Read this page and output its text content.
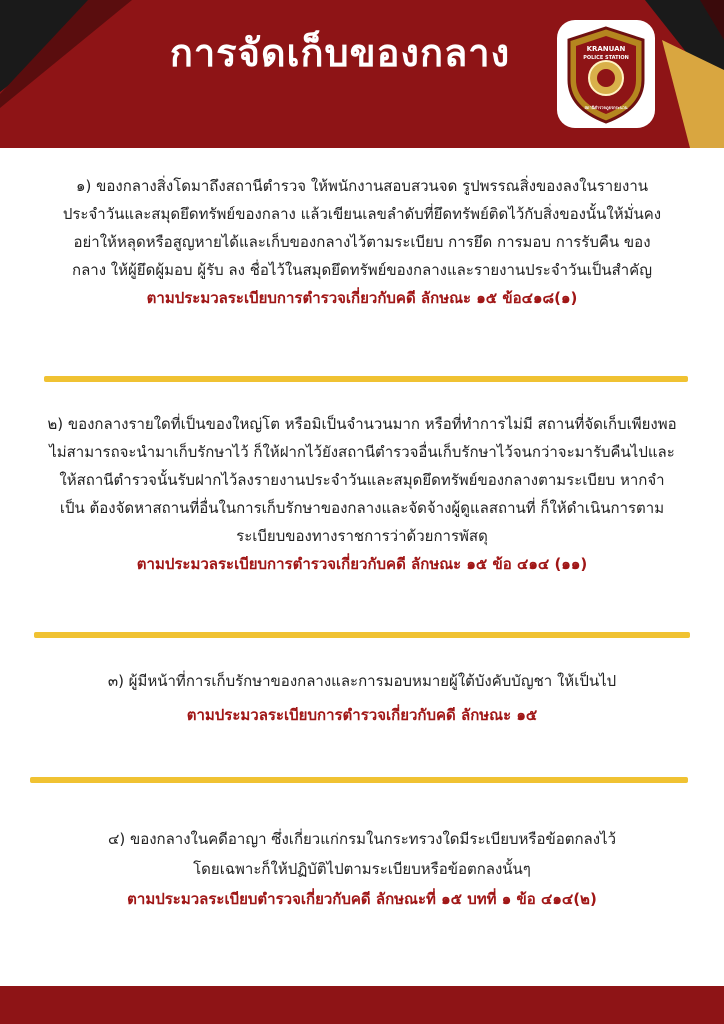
การจัดเก็บของกลาง	KRANUAN
POLICE STATION
สถานีตำรวจภูธรกระนวน

๑) ของกลางสิ่งโดมาถึงสถานีตำรวจ ให้พนักงานสอบสวนจด รูปพรรณสิ่งของลงในรายงาน

ประจำวันและสมุดยึดทรัพย์ของกลาง แล้วเขียนเลขลำดับที่ยึดทรัพย์ติดไว้กับสิ่งของนั้นให้มั่นคง

อย่าให้หลุดหรือสูญหายได้และเก็บของกลางไว้ตามระเบียบ การยึด การมอบ การรับคืน ของ

กลาง ให้ผู้ยึดผู้มอบ ผู้รับ ลง ชื่อไว้ในสมุดยึดทรัพย์ของกลางและรายงานประจำวันเป็นสำคัญ

ตามประมวลระเบียบการตำรวจเกี่ยวกับคดี ลักษณะ ๑๕ ข้อ๔๑๘(๑)

๒) ของกลางรายใดที่เป็นของใหญ่โต หรือมิเป็นจำนวนมาก หรือที่ทำการไม่มี สถานที่จัดเก็บเพียงพอ

ไม่สามารถจะนำมาเก็บรักษาไว้ ก็ให้ฝากไว้ยังสถานีตำรวจอื่นเก็บรักษาไว้จนกว่าจะมารับคืนไปและ

ให้สถานีตำรวจนั้นรับฝากไว้ลงรายงานประจำวันและสมุดยึดทรัพย์ของกลางตามระเบียบ หากจำ

เป็น ต้องจัดหาสถานที่อื่นในการเก็บรักษาของกลางและจัดจ้างผู้ดูแลสถานที่ ก็ให้ดำเนินการตาม

ระเบียบของทางราชการว่าด้วยการพัสดุ

ตามประมวลระเบียบการตำรวจเกี่ยวกับคดี ลักษณะ ๑๕ ข้อ ๔๑๔ (๑๑)

๓) ผู้มีหน้าที่การเก็บรักษาของกลางและการมอบหมายผู้ใต้บังคับบัญชา ให้เป็นไป

ตามประมวลระเบียบการตำรวจเกี่ยวกับคดี ลักษณะ ๑๕

๔) ของกลางในคดีอาญา ซึ่งเกี่ยวแก่กรมในกระทรวงใดมีระเบียบหรือข้อตกลงไว้

โดยเฉพาะก็ให้ปฏิบัติไปตามระเบียบหรือข้อตกลงนั้นๆ

ตามประมวลระเบียบตำรวจเกี่ยวกับคดี ลักษณะที่ ๑๕ บทที่ ๑ ข้อ ๔๑๔(๒)
